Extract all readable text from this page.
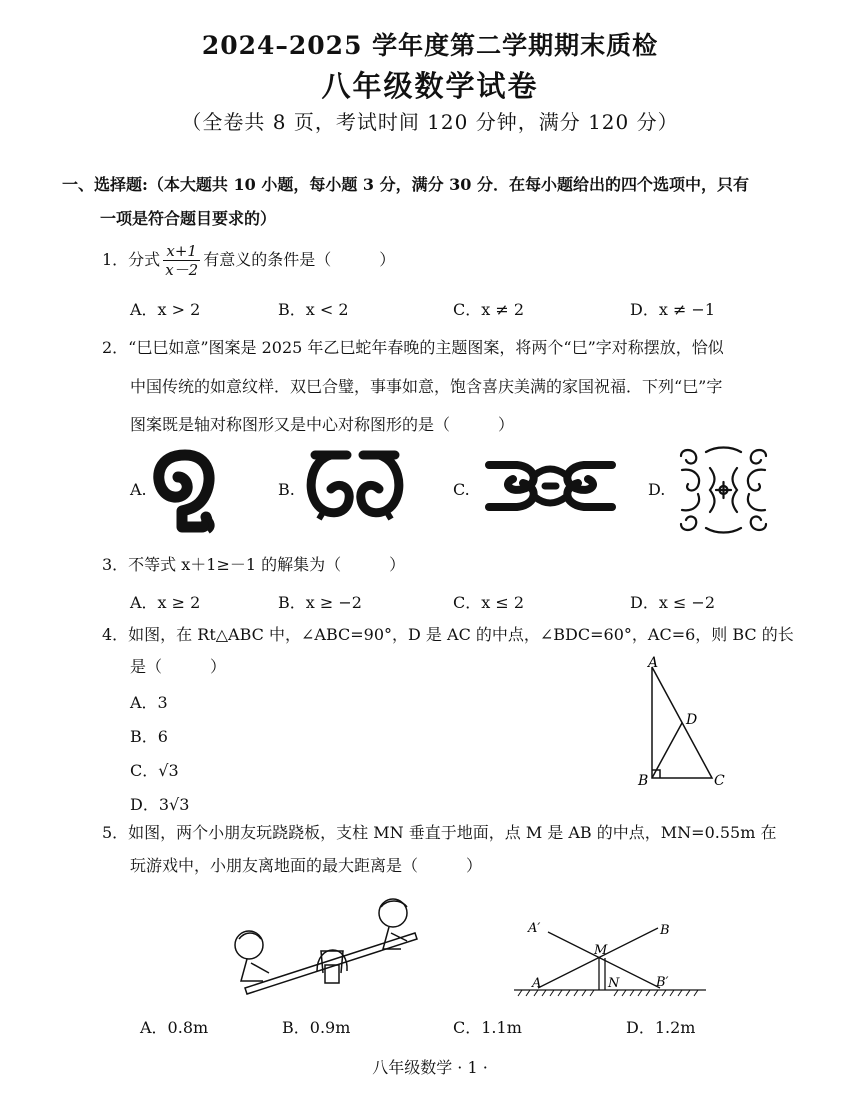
2024–2025 学年度第二学期期末质检
八年级数学试卷
（全卷共 8 页，考试时间 120 分钟，满分 120 分）
一、选择题:（本大题共 10 小题，每小题 3 分，满分 30 分．在每小题给出的四个选项中，只有
一项是符合题目要求的）
1．分式 $\frac{x+1}{x-2}$ 有意义的条件是（　　　）
A．x > 2	B．x < 2	C．x ≠ 2	D．x ≠ −1
2．“巳巳如意”图案是 2025 年乙巳蛇年春晚的主题图案，将两个“巳”字对称摆放，恰似
中国传统的如意纹样．双巳合璧，事事如意，饱含喜庆美满的家国祝福．下列“巳”字
图案既是轴对称图形又是中心对称图形的是（　　　）
A.	B.	C.	D.
3．不等式 x＋1≥－1 的解集为（　　　）
A．x ≥ 2	B．x ≥ −2	C．x ≤ 2	D．x ≤ −2
4．如图，在 Rt△ABC 中，∠ABC=90°，D 是 AC 的中点，∠BDC=60°，AC=6，则 BC 的长
是（　　　）
A．3
B．6
C．√3
D．3√3
A
D
B	C
5．如图，两个小朋友玩跷跷板，支柱 MN 垂直于地面，点 M 是 AB 的中点，MN=0.55m 在
玩游戏中，小朋友离地面的最大距离是（　　　）
A′	B
M
A	N	B′
A．0.8m	B．0.9m	C．1.1m	D．1.2m
八年级数学 · 1 ·
